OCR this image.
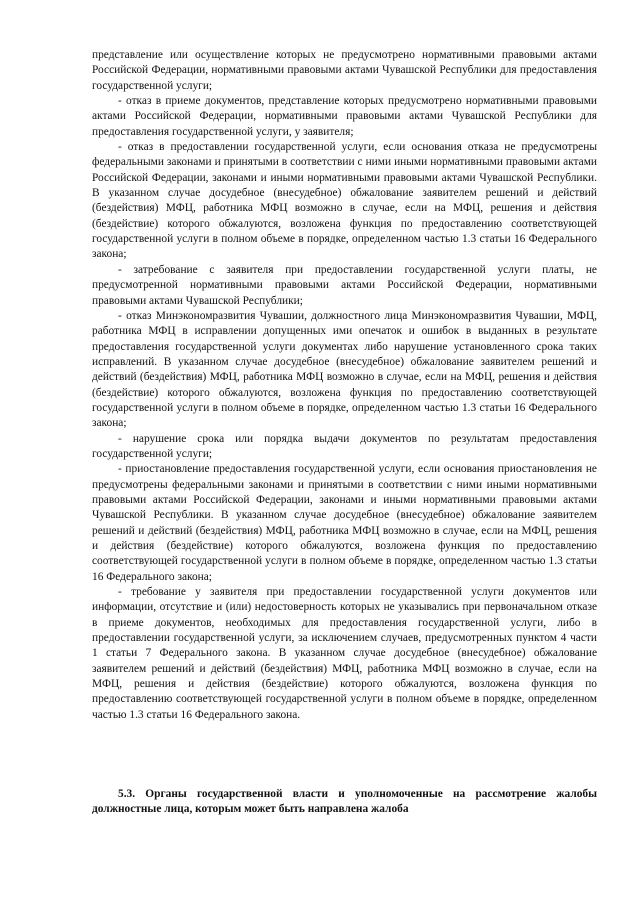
представление или осуществление которых не предусмотрено нормативными правовыми актами Российской Федерации, нормативными правовыми актами Чувашской Республики для предоставления государственной услуги;

- отказ в приеме документов, представление которых предусмотрено нормативными правовыми актами Российской Федерации, нормативными правовыми актами Чувашской Республики для предоставления государственной услуги, у заявителя;

- отказ в предоставлении государственной услуги, если основания отказа не предусмотрены федеральными законами и принятыми в соответствии с ними иными нормативными правовыми актами Российской Федерации, законами и иными нормативными правовыми актами Чувашской Республики. В указанном случае досудебное (внесудебное) обжалование заявителем решений и действий (бездействия) МФЦ, работника МФЦ возможно в случае, если на МФЦ, решения и действия (бездействие) которого обжалуются, возложена функция по предоставлению соответствующей государственной услуги в полном объеме в порядке, определенном частью 1.3 статьи 16 Федерального закона;

- затребование с заявителя при предоставлении государственной услуги платы, не предусмотренной нормативными правовыми актами Российской Федерации, нормативными правовыми актами Чувашской Республики;

- отказ Минэкономразвития Чувашии, должностного лица Минэкономразвития Чувашии, МФЦ, работника МФЦ в исправлении допущенных ими опечаток и ошибок в выданных в результате предоставления государственной услуги документах либо нарушение установленного срока таких исправлений. В указанном случае досудебное (внесудебное) обжалование заявителем решений и действий (бездействия) МФЦ, работника МФЦ возможно в случае, если на МФЦ, решения и действия (бездействие) которого обжалуются, возложена функция по предоставлению соответствующей государственной услуги в полном объеме в порядке, определенном частью 1.3 статьи 16 Федерального закона;

- нарушение срока или порядка выдачи документов по результатам предоставления государственной услуги;

- приостановление предоставления государственной услуги, если основания приостановления не предусмотрены федеральными законами и принятыми в соответствии с ними иными нормативными правовыми актами Российской Федерации, законами и иными нормативными правовыми актами Чувашской Республики. В указанном случае досудебное (внесудебное) обжалование заявителем решений и действий (бездействия) МФЦ, работника МФЦ возможно в случае, если на МФЦ, решения и действия (бездействие) которого обжалуются, возложена функция по предоставлению соответствующей государственной услуги в полном объеме в порядке, определенном частью 1.3 статьи 16 Федерального закона;

- требование у заявителя при предоставлении государственной услуги документов или информации, отсутствие и (или) недостоверность которых не указывались при первоначальном отказе в приеме документов, необходимых для предоставления государственной услуги, либо в предоставлении государственной услуги, за исключением случаев, предусмотренных пунктом 4 части 1 статьи 7 Федерального закона. В указанном случае досудебное (внесудебное) обжалование заявителем решений и действий (бездействия) МФЦ, работника МФЦ возможно в случае, если на МФЦ, решения и действия (бездействие) которого обжалуются, возложена функция по предоставлению соответствующей государственной услуги в полном объеме в порядке, определенном частью 1.3 статьи 16 Федерального закона.

5.3. Органы государственной власти и уполномоченные на рассмотрение жалобы должностные лица, которым может быть направлена жалоба
